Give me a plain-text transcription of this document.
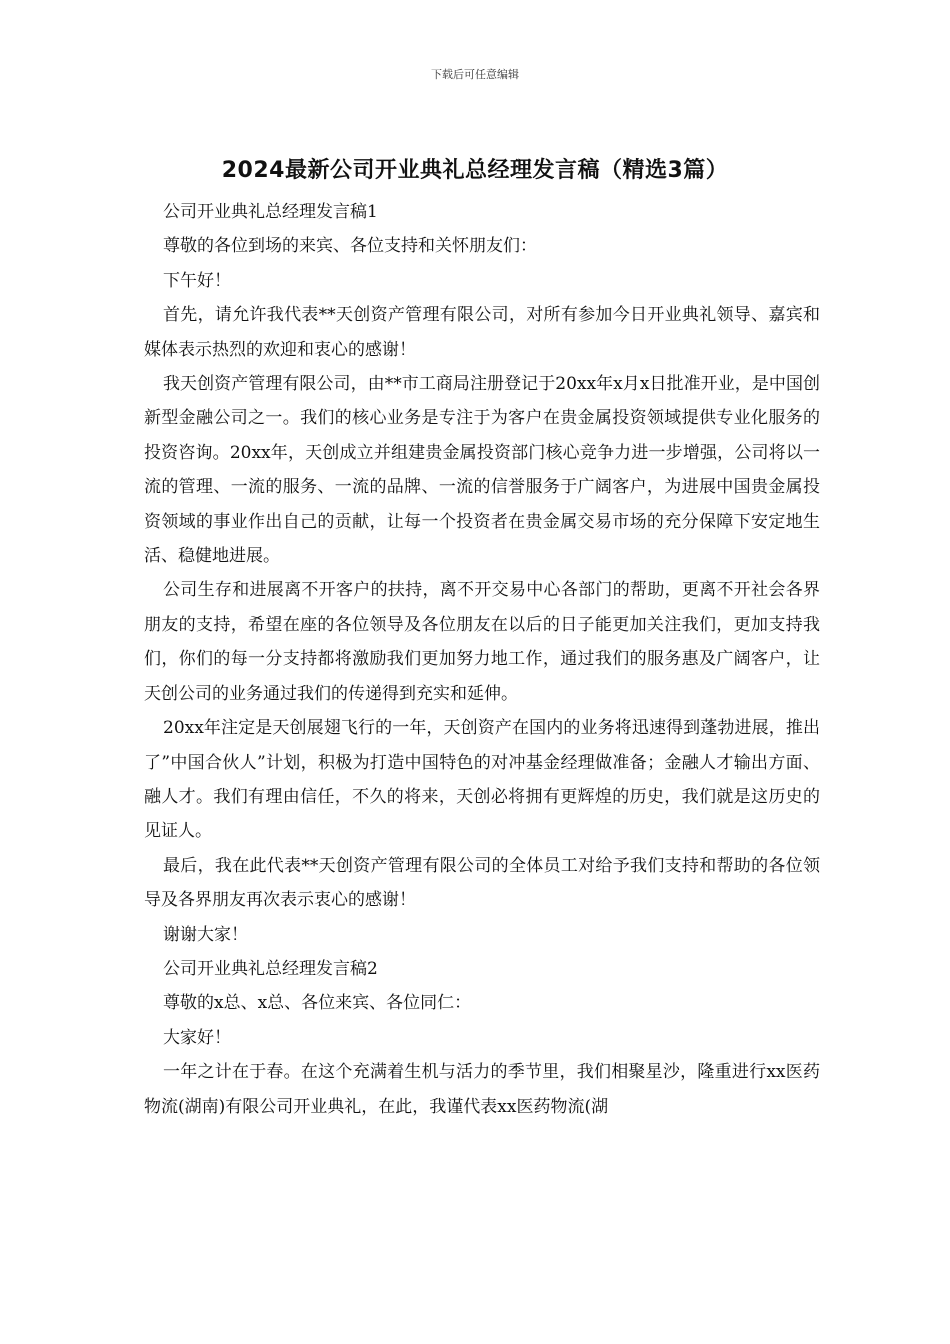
下载后可任意编辑
2024最新公司开业典礼总经理发言稿（精选3篇）

公司开业典礼总经理发言稿1

尊敬的各位到场的来宾、各位支持和关怀朋友们：

下午好！

首先，请允许我代表**天创资产管理有限公司，对所有参加今日开业典礼领导、嘉宾和媒体表示热烈的欢迎和衷心的感谢！

我天创资产管理有限公司，由**市工商局注册登记于20xx年x月x日批准开业，是中国创新型金融公司之一。我们的核心业务是专注于为客户在贵金属投资领域提供专业化服务的投资咨询。20xx年，天创成立并组建贵金属投资部门核心竞争力进一步增强，公司将以一流的管理、一流的服务、一流的品牌、一流的信誉服务于广阔客户，为进展中国贵金属投资领域的事业作出自己的贡献，让每一个投资者在贵金属交易市场的充分保障下安定地生活、稳健地进展。

公司生存和进展离不开客户的扶持，离不开交易中心各部门的帮助，更离不开社会各界朋友的支持，希望在座的各位领导及各位朋友在以后的日子能更加关注我们，更加支持我们，你们的每一分支持都将激励我们更加努力地工作，通过我们的服务惠及广阔客户，让天创公司的业务通过我们的传递得到充实和延伸。

20xx年注定是天创展翅飞行的一年，天创资产在国内的业务将迅速得到蓬勃进展，推出了”中国合伙人”计划，积极为打造中国特色的对冲基金经理做准备；金融人才输出方面、融人才。我们有理由信任，不久的将来，天创必将拥有更辉煌的历史，我们就是这历史的见证人。

最后，我在此代表**天创资产管理有限公司的全体员工对给予我们支持和帮助的各位领导及各界朋友再次表示衷心的感谢！

谢谢大家！

公司开业典礼总经理发言稿2

尊敬的x总、x总、各位来宾、各位同仁：

大家好！

一年之计在于春。在这个充满着生机与活力的季节里，我们相聚星沙，隆重进行xx医药物流(湖南)有限公司开业典礼，在此，我谨代表xx医药物流(湖
